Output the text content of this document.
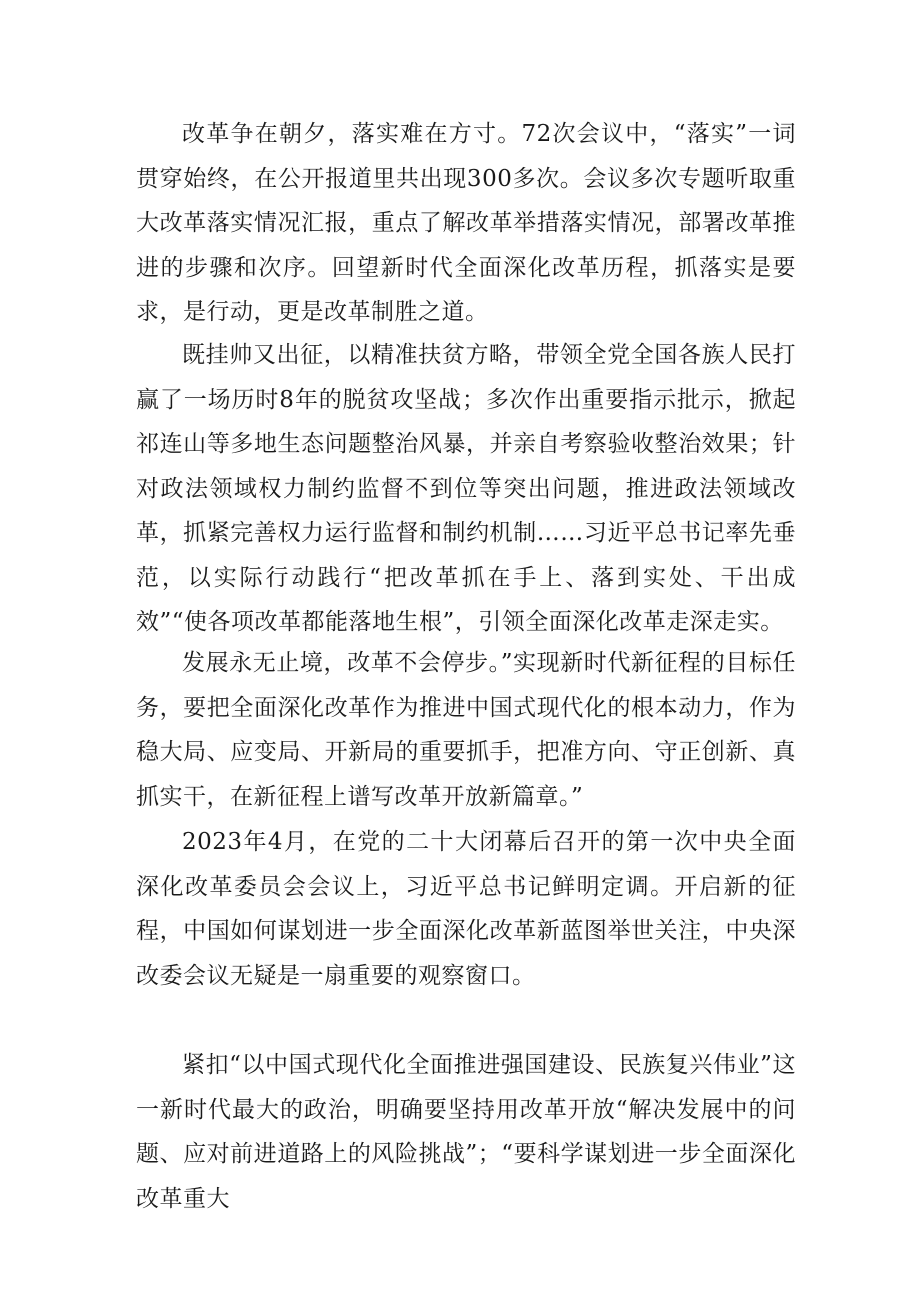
改革争在朝夕，落实难在方寸。72次会议中，“落实”一词贯穿始终，在公开报道里共出现300多次。会议多次专题听取重大改革落实情况汇报，重点了解改革举措落实情况，部署改革推进的步骤和次序。回望新时代全面深化改革历程，抓落实是要求，是行动，更是改革制胜之道。

既挂帅又出征，以精准扶贫方略，带领全党全国各族人民打赢了一场历时8年的脱贫攻坚战；多次作出重要指示批示，掀起祁连山等多地生态问题整治风暴，并亲自考察验收整治效果；针对政法领域权力制约监督不到位等突出问题，推进政法领域改革，抓紧完善权力运行监督和制约机制……习近平总书记率先垂范，以实际行动践行“把改革抓在手上、落到实处、干出成效”“使各项改革都能落地生根”，引领全面深化改革走深走实。

发展永无止境，改革不会停步。”实现新时代新征程的目标任务，要把全面深化改革作为推进中国式现代化的根本动力，作为稳大局、应变局、开新局的重要抓手，把准方向、守正创新、真抓实干，在新征程上谱写改革开放新篇章。”

2023年4月，在党的二十大闭幕后召开的第一次中央全面深化改革委员会会议上，习近平总书记鲜明定调。开启新的征程，中国如何谋划进一步全面深化改革新蓝图举世关注，中央深改委会议无疑是一扇重要的观察窗口。

紧扣“以中国式现代化全面推进强国建设、民族复兴伟业”这一新时代最大的政治，明确要坚持用改革开放“解决发展中的问题、应对前进道路上的风险挑战”；“要科学谋划进一步全面深化改革重大
